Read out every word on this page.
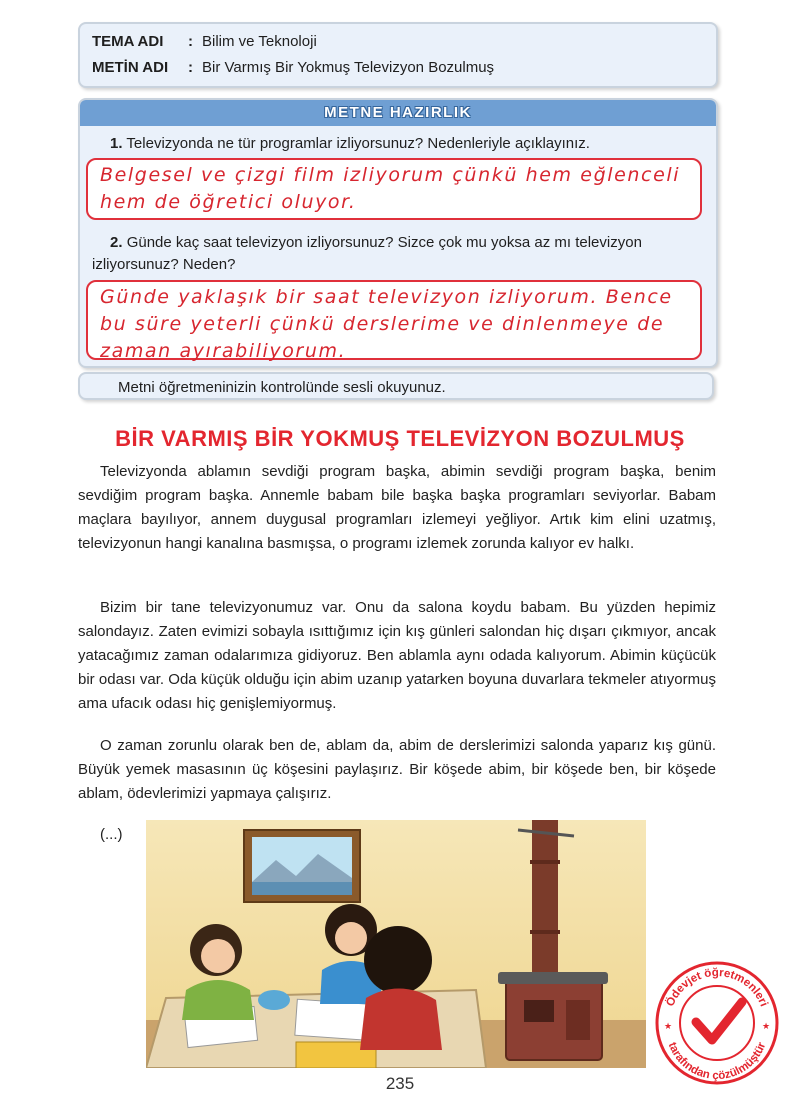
TEMA ADI	: Bilim ve Teknoloji
METİN ADI	: Bir Varmış Bir Yokmuş Televizyon Bozulmuş
METNE HAZIRLIK
1. Televizyonda ne tür programlar izliyorsunuz? Nedenleriyle açıklayınız.
Belgesel ve çizgi film izliyorum çünkü hem eğlenceli hem de öğretici oluyor.
2. Günde kaç saat televizyon izliyorsunuz? Sizce çok mu yoksa az mı televizyon izliyorsunuz? Neden?
Günde yaklaşık bir saat televizyon izliyorum. Bence bu süre yeterli çünkü derslerime ve dinlenmeye de zaman ayırabiliyorum.
Metni öğretmeninizin kontrolünde sesli okuyunuz.
BİR VARMIŞ BİR YOKMUŞ TELEVİZYON BOZULMUŞ
Televizyonda ablamın sevdiği program başka, abimin sevdiği program başka, benim sevdiğim program başka. Annemle babam bile başka başka programları seviyorlar. Babam maçlara bayılıyor, annem duygusal programları izlemeyi yeğliyor. Artık kim elini uzatmış, televizyonun hangi kanalına basmışsa, o programı izlemek zorunda kalıyor ev halkı.
Bizim bir tane televizyonumuz var. Onu da salona koydu babam. Bu yüzden hepimiz salondayız. Zaten evimizi sobayla ısıttığımız için kış günleri salondan hiç dışarı çıkmıyor, ancak yatacağımız zaman odalarımıza gidiyoruz. Ben ablamla aynı odada kalıyorum. Abimin küçücük bir odası var. Oda küçük olduğu için abim uzanıp yatarken boyuna duvarlara tekmeler atıyormuş ama ufacık odası hiç genişlemiyormuş.
O zaman zorunlu olarak ben de, ablam da, abim de derslerimizi salonda yaparız kış günü. Büyük yemek masasının üç köşesini paylaşırız. Bir köşede abim, bir köşede ben, bir köşede ablam, ödevlerimizi yapmaya çalışırız.
(...)
235
Ödevjet öğretmenleri
tarafından çözülmüştür
★	★
